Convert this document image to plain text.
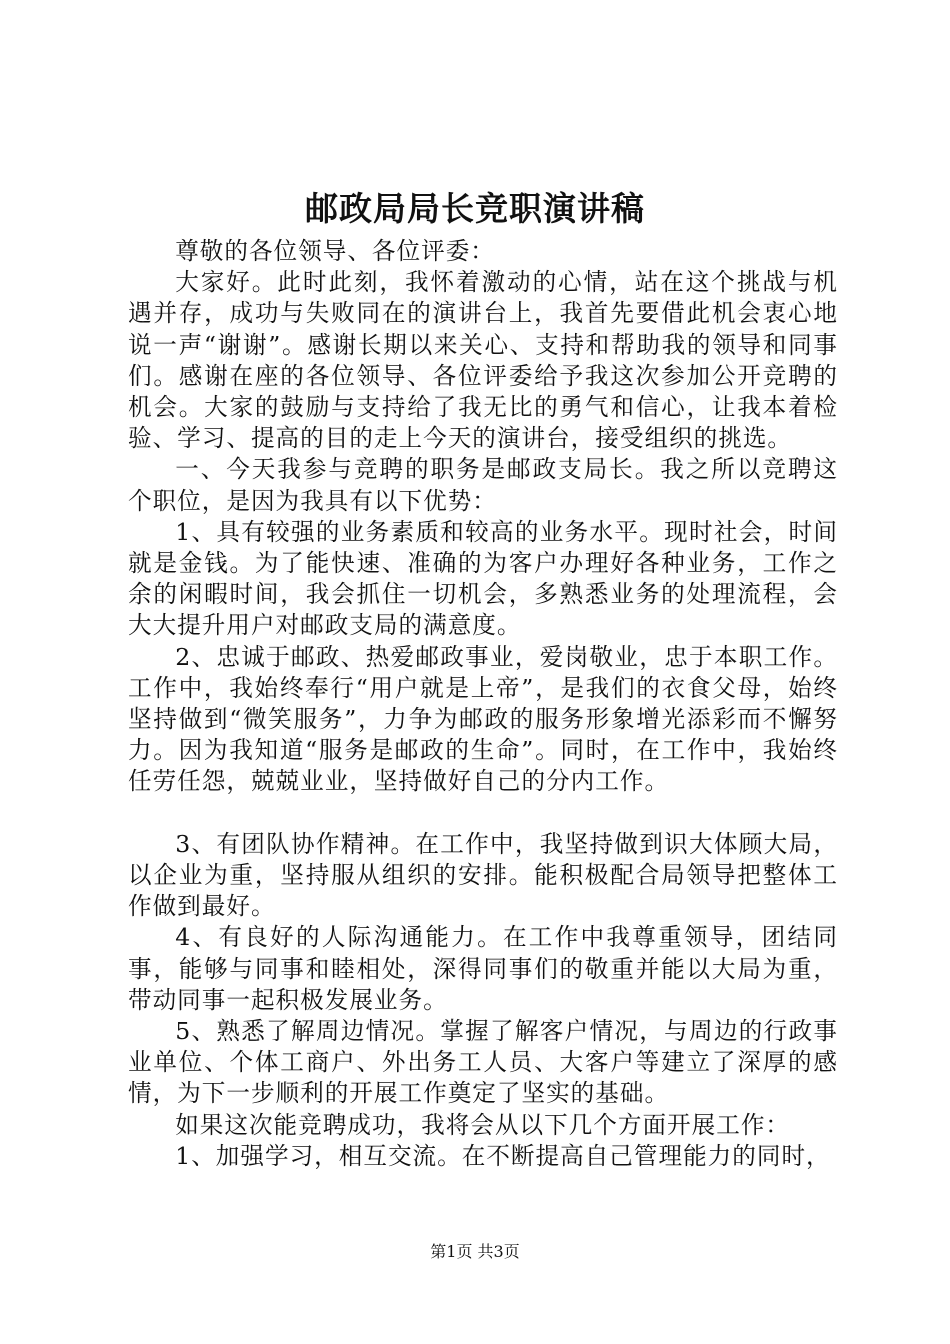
邮政局局长竞职演讲稿

尊敬的各位领导、各位评委：

大家好。此时此刻，我怀着激动的心情，站在这个挑战与机遇并存，成功与失败同在的演讲台上，我首先要借此机会衷心地说一声“谢谢”。感谢长期以来关心、支持和帮助我的领导和同事们。感谢在座的各位领导、各位评委给予我这次参加公开竞聘的机会。大家的鼓励与支持给了我无比的勇气和信心，让我本着检验、学习、提高的目的走上今天的演讲台，接受组织的挑选。

一、今天我参与竞聘的职务是邮政支局长。我之所以竞聘这个职位，是因为我具有以下优势：

1、具有较强的业务素质和较高的业务水平。现时社会，时间就是金钱。为了能快速、准确的为客户办理好各种业务，工作之余的闲暇时间，我会抓住一切机会，多熟悉业务的处理流程，会大大提升用户对邮政支局的满意度。

2、忠诚于邮政、热爱邮政事业，爱岗敬业，忠于本职工作。工作中，我始终奉行“用户就是上帝”，是我们的衣食父母，始终坚持做到“微笑服务”，力争为邮政的服务形象增光添彩而不懈努力。因为我知道“服务是邮政的生命”。同时，在工作中，我始终任劳任怨，兢兢业业，坚持做好自己的分内工作。

3、有团队协作精神。在工作中，我坚持做到识大体顾大局，以企业为重，坚持服从组织的安排。能积极配合局领导把整体工作做到最好。

4、有良好的人际沟通能力。在工作中我尊重领导，团结同事，能够与同事和睦相处，深得同事们的敬重并能以大局为重，带动同事一起积极发展业务。

5、熟悉了解周边情况。掌握了解客户情况，与周边的行政事业单位、个体工商户、外出务工人员、大客户等建立了深厚的感情，为下一步顺利的开展工作奠定了坚实的基础。

如果这次能竞聘成功，我将会从以下几个方面开展工作：

1、加强学习，相互交流。在不断提高自己管理能力的同时，

第1页 共3页
